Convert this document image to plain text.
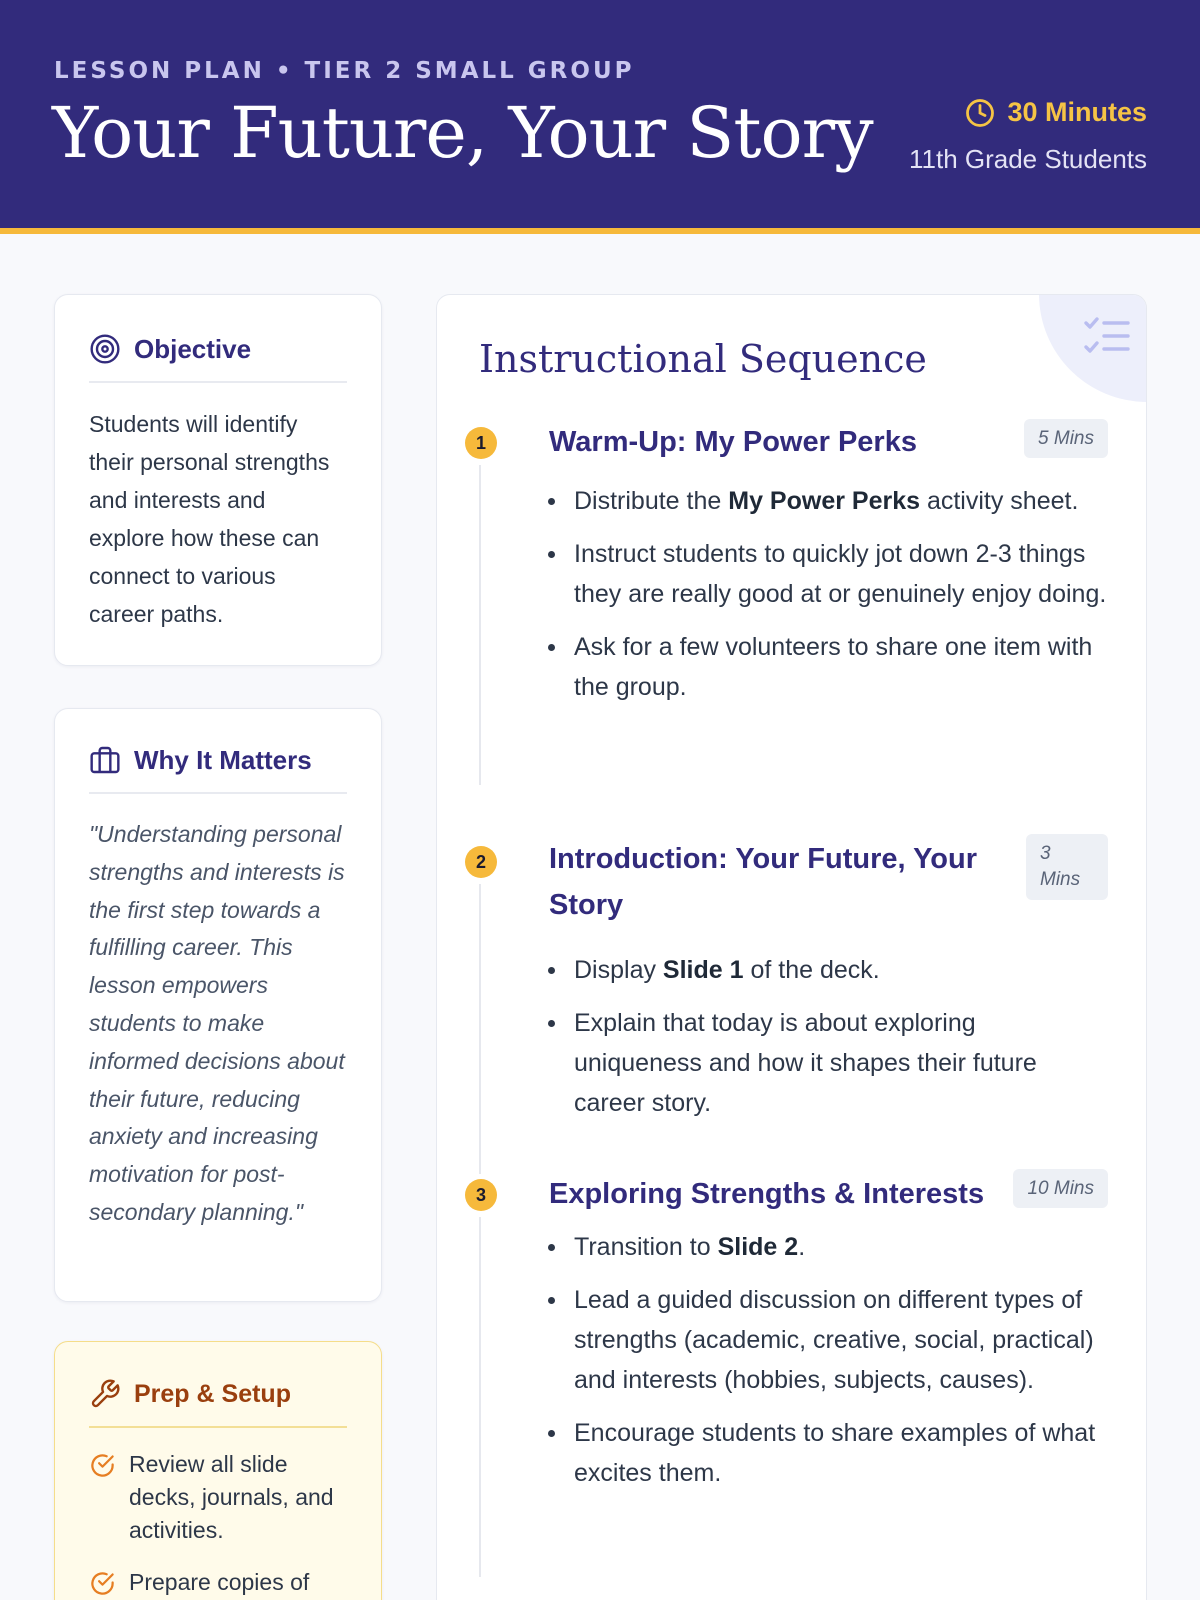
LESSON PLAN • TIER 2 SMALL GROUP
Your Future, Your Story	30 Minutes
11th Grade Students
Objective

Students will identify their personal strengths and interests and explore how these can connect to various career paths.

Why It Matters

"Understanding personal strengths and interests is the first step towards a fulfilling career. This lesson empowers students to make informed decisions about their future, reducing anxiety and increasing motivation for post-secondary planning."

Prep & Setup
Review all slide decks, journals, and activities.
Prepare copies of
Instructional Sequence
1	Warm-Up: My Power Perks	5 Mins
Distribute the My Power Perks activity sheet.
Instruct students to quickly jot down 2-3 things they are really good at or genuinely enjoy doing.
Ask for a few volunteers to share one item with the group.
2	Introduction: Your Future, Your Story
3 Mins
Display Slide 1 of the deck.
Explain that today is about exploring uniqueness and how it shapes their future career story.
3	Exploring Strengths & Interests	10 Mins
Transition to Slide 2.
Lead a guided discussion on different types of strengths (academic, creative, social, practical) and interests (hobbies, subjects, causes).
Encourage students to share examples of what excites them.
